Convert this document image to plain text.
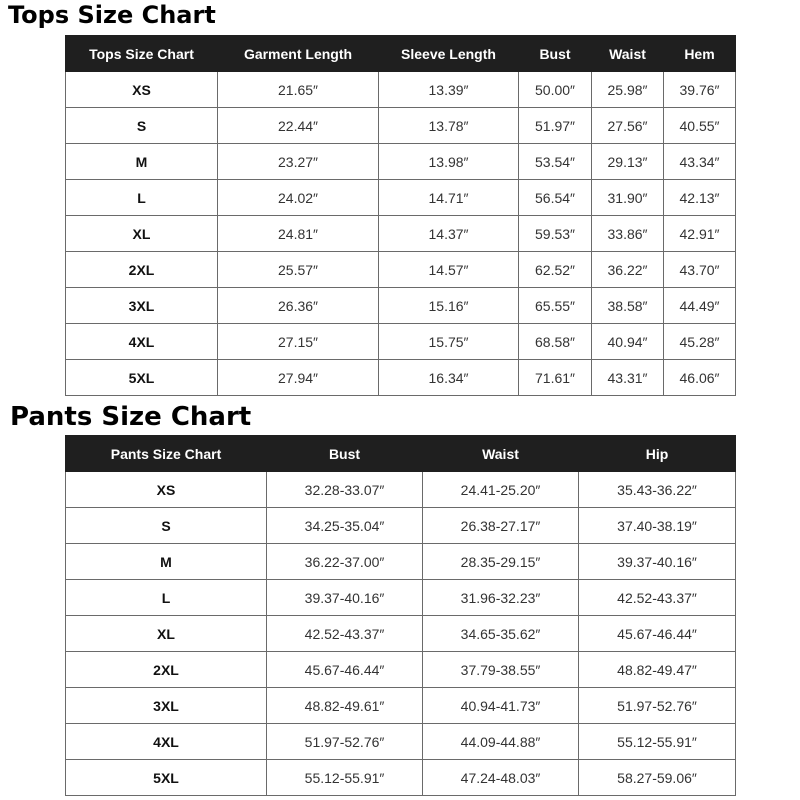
Tops Size Chart
Tops Size Chart	Garment Length	Sleeve Length	Bust	Waist	Hem
XS	21.65″	13.39″	50.00″	25.98″	39.76″
S	22.44″	13.78″	51.97″	27.56″	40.55″
M	23.27″	13.98″	53.54″	29.13″	43.34″
L	24.02″	14.71″	56.54″	31.90″	42.13″
XL	24.81″	14.37″	59.53″	33.86″	42.91″
2XL	25.57″	14.57″	62.52″	36.22″	43.70″
3XL	26.36″	15.16″	65.55″	38.58″	44.49″
4XL	27.15″	15.75″	68.58″	40.94″	45.28″
5XL	27.94″	16.34″	71.61″	43.31″	46.06″
Pants Size Chart
Pants Size Chart	Bust	Waist	Hip
XS	32.28-33.07″	24.41-25.20″	35.43-36.22″
S	34.25-35.04″	26.38-27.17″	37.40-38.19″
M	36.22-37.00″	28.35-29.15″	39.37-40.16″
L	39.37-40.16″	31.96-32.23″	42.52-43.37″
XL	42.52-43.37″	34.65-35.62″	45.67-46.44″
2XL	45.67-46.44″	37.79-38.55″	48.82-49.47″
3XL	48.82-49.61″	40.94-41.73″	51.97-52.76″
4XL	51.97-52.76″	44.09-44.88″	55.12-55.91″
5XL	55.12-55.91″	47.24-48.03″	58.27-59.06″
